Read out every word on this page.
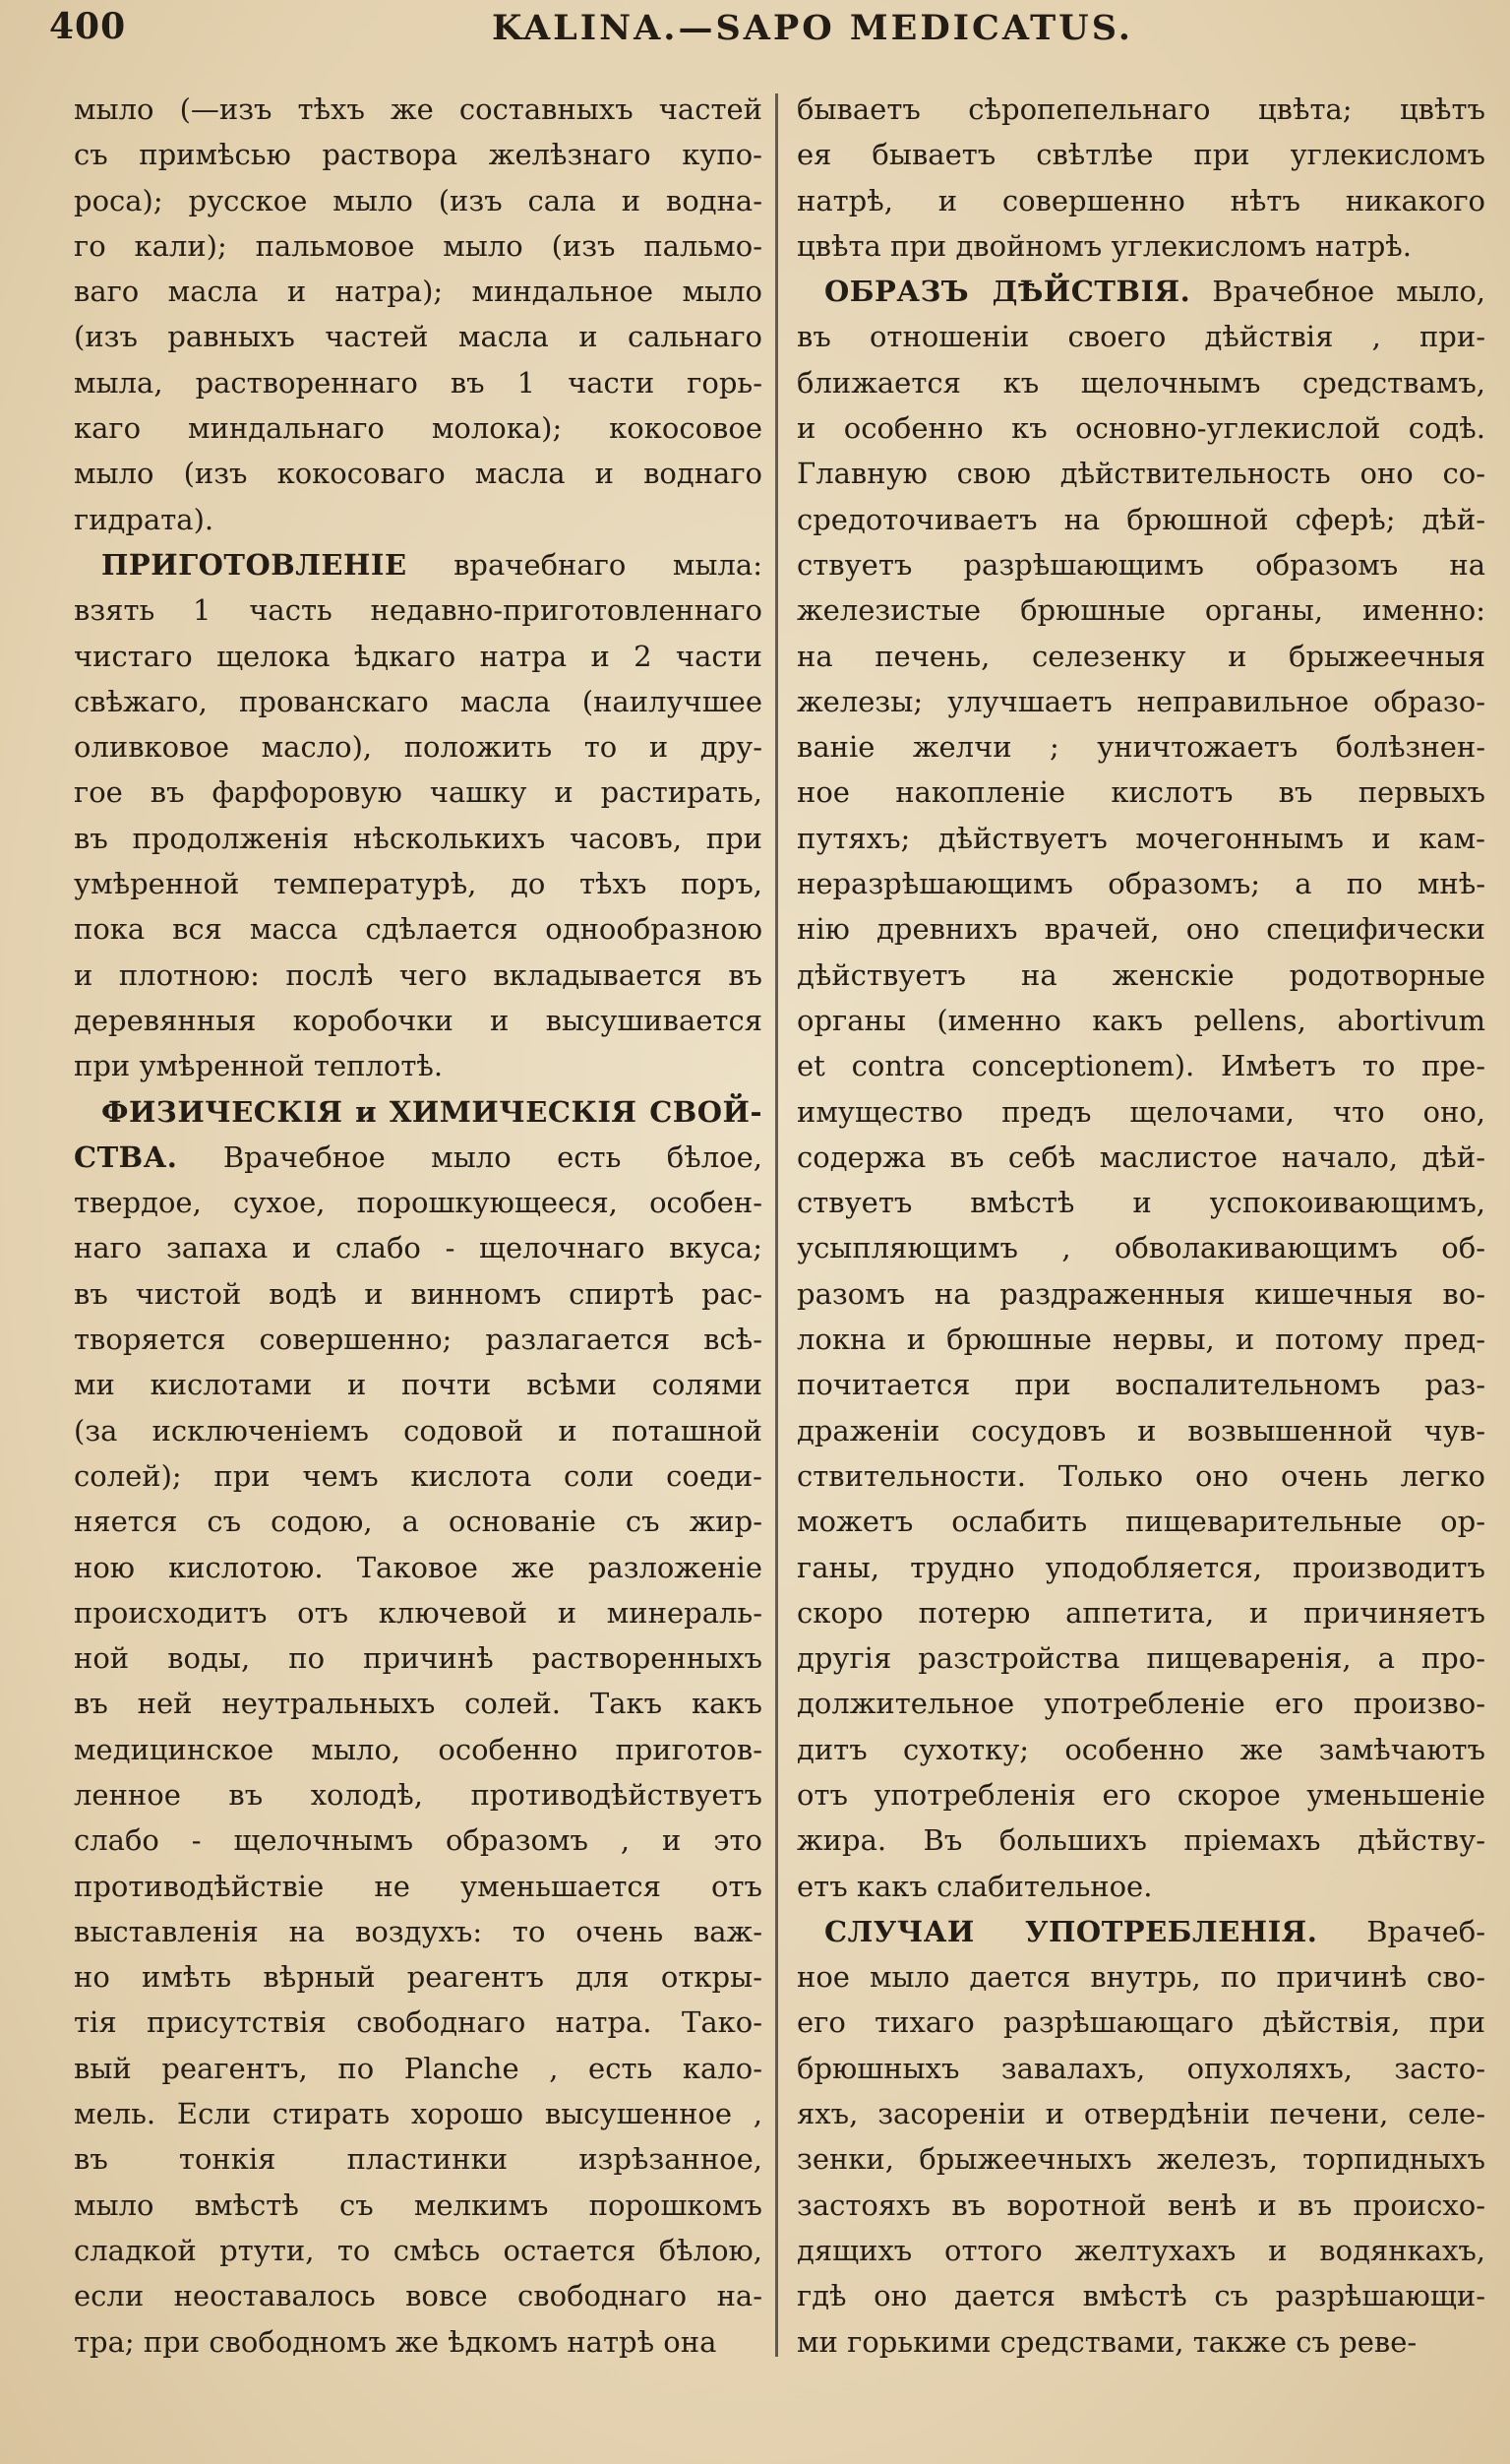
400	KALINA.—SAPO MEDICATUS.
мыло (—изъ тѣхъ же составныхъ частей
съ примѣсью раствора желѣзнаго купо-
роса); русское мыло (изъ сала и водна-
го кали); пальмовое мыло (изъ пальмо-
ваго масла и натра); миндальное мыло
(изъ равныхъ частей масла и сальнаго
мыла, раствореннаго въ 1 части горь-
каго миндальнаго молока); кокосовое
мыло (изъ кокосоваго масла и воднаго
гидрата).
ПРИГОТОВЛЕНІЕ врачебнаго мыла:
взять 1 часть недавно-приготовленнаго
чистаго щелока ѣдкаго натра и 2 части
свѣжаго, прованскаго масла (наилучшее
оливковое масло), положить то и дру-
гое въ фарфоровую чашку и растирать,
въ продолженія нѣсколькихъ часовъ, при
умѣренной температурѣ, до тѣхъ поръ,
пока вся масса сдѣлается однообразною
и плотною: послѣ чего вкладывается въ
деревянныя коробочки и высушивается
при умѣренной теплотѣ.
ФИЗИЧЕСКІЯ и ХИМИЧЕСКІЯ СВОЙ-
СТВА. Врачебное мыло есть бѣлое,
твердое, сухое, порошкующееся, особен-
наго запаха и слабо - щелочнаго вкуса;
въ чистой водѣ и винномъ спиртѣ рас-
творяется совершенно; разлагается всѣ-
ми кислотами и почти всѣми солями
(за исключеніемъ содовой и поташной
солей); при чемъ кислота соли соеди-
няется съ содою, а основаніе съ жир-
ною кислотою. Таковое же разложеніе
происходитъ отъ ключевой и минераль-
ной воды, по причинѣ растворенныхъ
въ ней неутральныхъ солей. Такъ какъ
медицинское мыло, особенно приготов-
ленное въ холодѣ, противодѣйствуетъ
слабо - щелочнымъ образомъ , и это
противодѣйствіе не уменьшается отъ
выставленія на воздухъ: то очень важ-
но имѣть вѣрный реагентъ для откры-
тія присутствія свободнаго натра. Тако-
вый реагентъ, по Planche , есть кало-
мель. Если стирать хорошо высушенное ,
въ тонкія пластинки изрѣзанное,
мыло вмѣстѣ съ мелкимъ порошкомъ
сладкой ртути, то смѣсь остается бѣлою,
если неоставалось вовсе свободнаго на-
тра; при свободномъ же ѣдкомъ натрѣ она
бываетъ сѣропепельнаго цвѣта; цвѣтъ
ея бываетъ свѣтлѣе при углекисломъ
натрѣ, и совершенно нѣтъ никакого
цвѣта при двойномъ углекисломъ натрѣ.
ОБРАЗЪ ДѢЙСТВІЯ. Врачебное мыло,
въ отношеніи своего дѣйствія , при-
ближается къ щелочнымъ средствамъ,
и особенно къ основно-углекислой содѣ.
Главную свою дѣйствительность оно со-
средоточиваетъ на брюшной сферѣ; дѣй-
ствуетъ разрѣшающимъ образомъ на
железистые брюшные органы, именно:
на печень, селезенку и брыжеечныя
железы; улучшаетъ неправильное образо-
ваніе желчи ; уничтожаетъ болѣзнен-
ное накопленіе кислотъ въ первыхъ
путяхъ; дѣйствуетъ мочегоннымъ и кам-
неразрѣшающимъ образомъ; а по мнѣ-
нію древнихъ врачей, оно специфически
дѣйствуетъ на женскіе родотворные
органы (именно какъ pellens, abortivum
et contra conceptionem). Имѣетъ то пре-
имущество предъ щелочами, что оно,
содержа въ себѣ маслистое начало, дѣй-
ствуетъ вмѣстѣ и успокоивающимъ,
усыпляющимъ , обволакивающимъ об-
разомъ на раздраженныя кишечныя во-
локна и брюшные нервы, и потому пред-
почитается при воспалительномъ раз-
драженіи сосудовъ и возвышенной чув-
ствительности. Только оно очень легко
можетъ ослабить пищеварительные ор-
ганы, трудно уподобляется, производитъ
скоро потерю аппетита, и причиняетъ
другія разстройства пищеваренія, а про-
должительное употребленіе его произво-
дитъ сухотку; особенно же замѣчаютъ
отъ употребленія его скорое уменьшеніе
жира. Въ большихъ пріемахъ дѣйству-
етъ какъ слабительное.
СЛУЧАИ УПОТРЕБЛЕНІЯ. Врачеб-
ное мыло дается внутрь, по причинѣ сво-
его тихаго разрѣшающаго дѣйствія, при
брюшныхъ завалахъ, опухоляхъ, засто-
яхъ, засореніи и отвердѣніи печени, селе-
зенки, брыжеечныхъ железъ, торпидныхъ
застояхъ въ воротной венѣ и въ происхо-
дящихъ оттого желтухахъ и водянкахъ,
гдѣ оно дается вмѣстѣ съ разрѣшающи-
ми горькими средствами, также съ реве-
